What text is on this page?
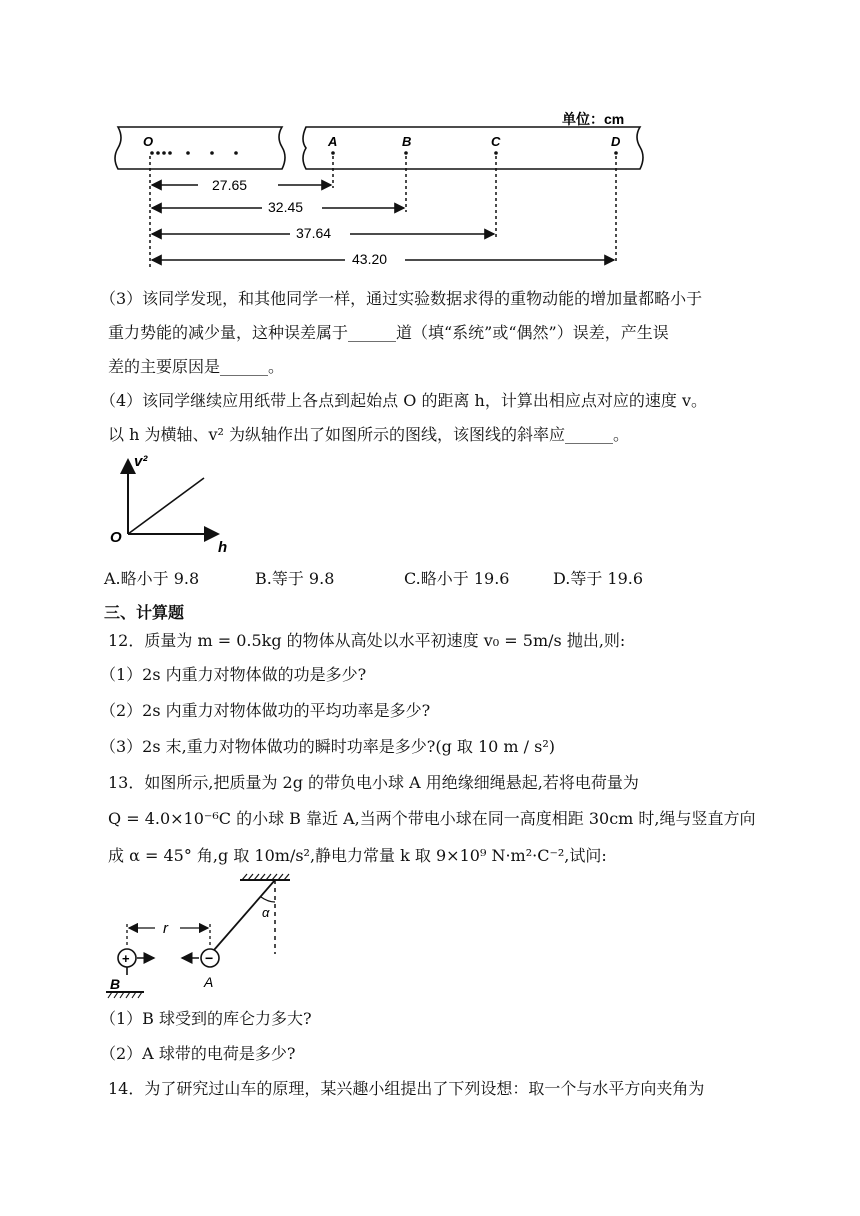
单位：cm
O	A	B	C	D
27.65
32.45
37.64
43.20
（3）该同学发现，和其他同学一样，通过实验数据求得的重物动能的增加量都略小于
重力势能的减少量，这种误差属于______道（填“系统”或“偶然”）误差，产生误
差的主要原因是______。
（4）该同学继续应用纸带上各点到起始点 O 的距离 h，计算出相应点对应的速度 v。
以 h 为横轴、v² 为纵轴作出了如图所示的图线，该图线的斜率应______。
v²
h
O
A.略小于 9.8	B.等于 9.8	C.略小于 19.6	D.等于 19.6
三、计算题
12．质量为 m = 0.5kg 的物体从高处以水平初速度 v₀ = 5m/s 抛出,则:
（1）2s 内重力对物体做的功是多少?
（2）2s 内重力对物体做功的平均功率是多少?
（3）2s 末,重力对物体做功的瞬时功率是多少?(g 取 10 m / s²)
13．如图所示,把质量为 2g 的带负电小球 A 用绝缘细绳悬起,若将电荷量为
Q = 4.0×10⁻⁶C 的小球 B 靠近 A,当两个带电小球在同一高度相距 30cm 时,绳与竖直方向
成 α = 45° 角,g 取 10m/s²,静电力常量 k 取 9×10⁹ N·m²·C⁻²,试问:
α
−
A
+
B
r
（1）B 球受到的库仑力多大?
（2）A 球带的电荷是多少?
14．为了研究过山车的原理，某兴趣小组提出了下列设想：取一个与水平方向夹角为
